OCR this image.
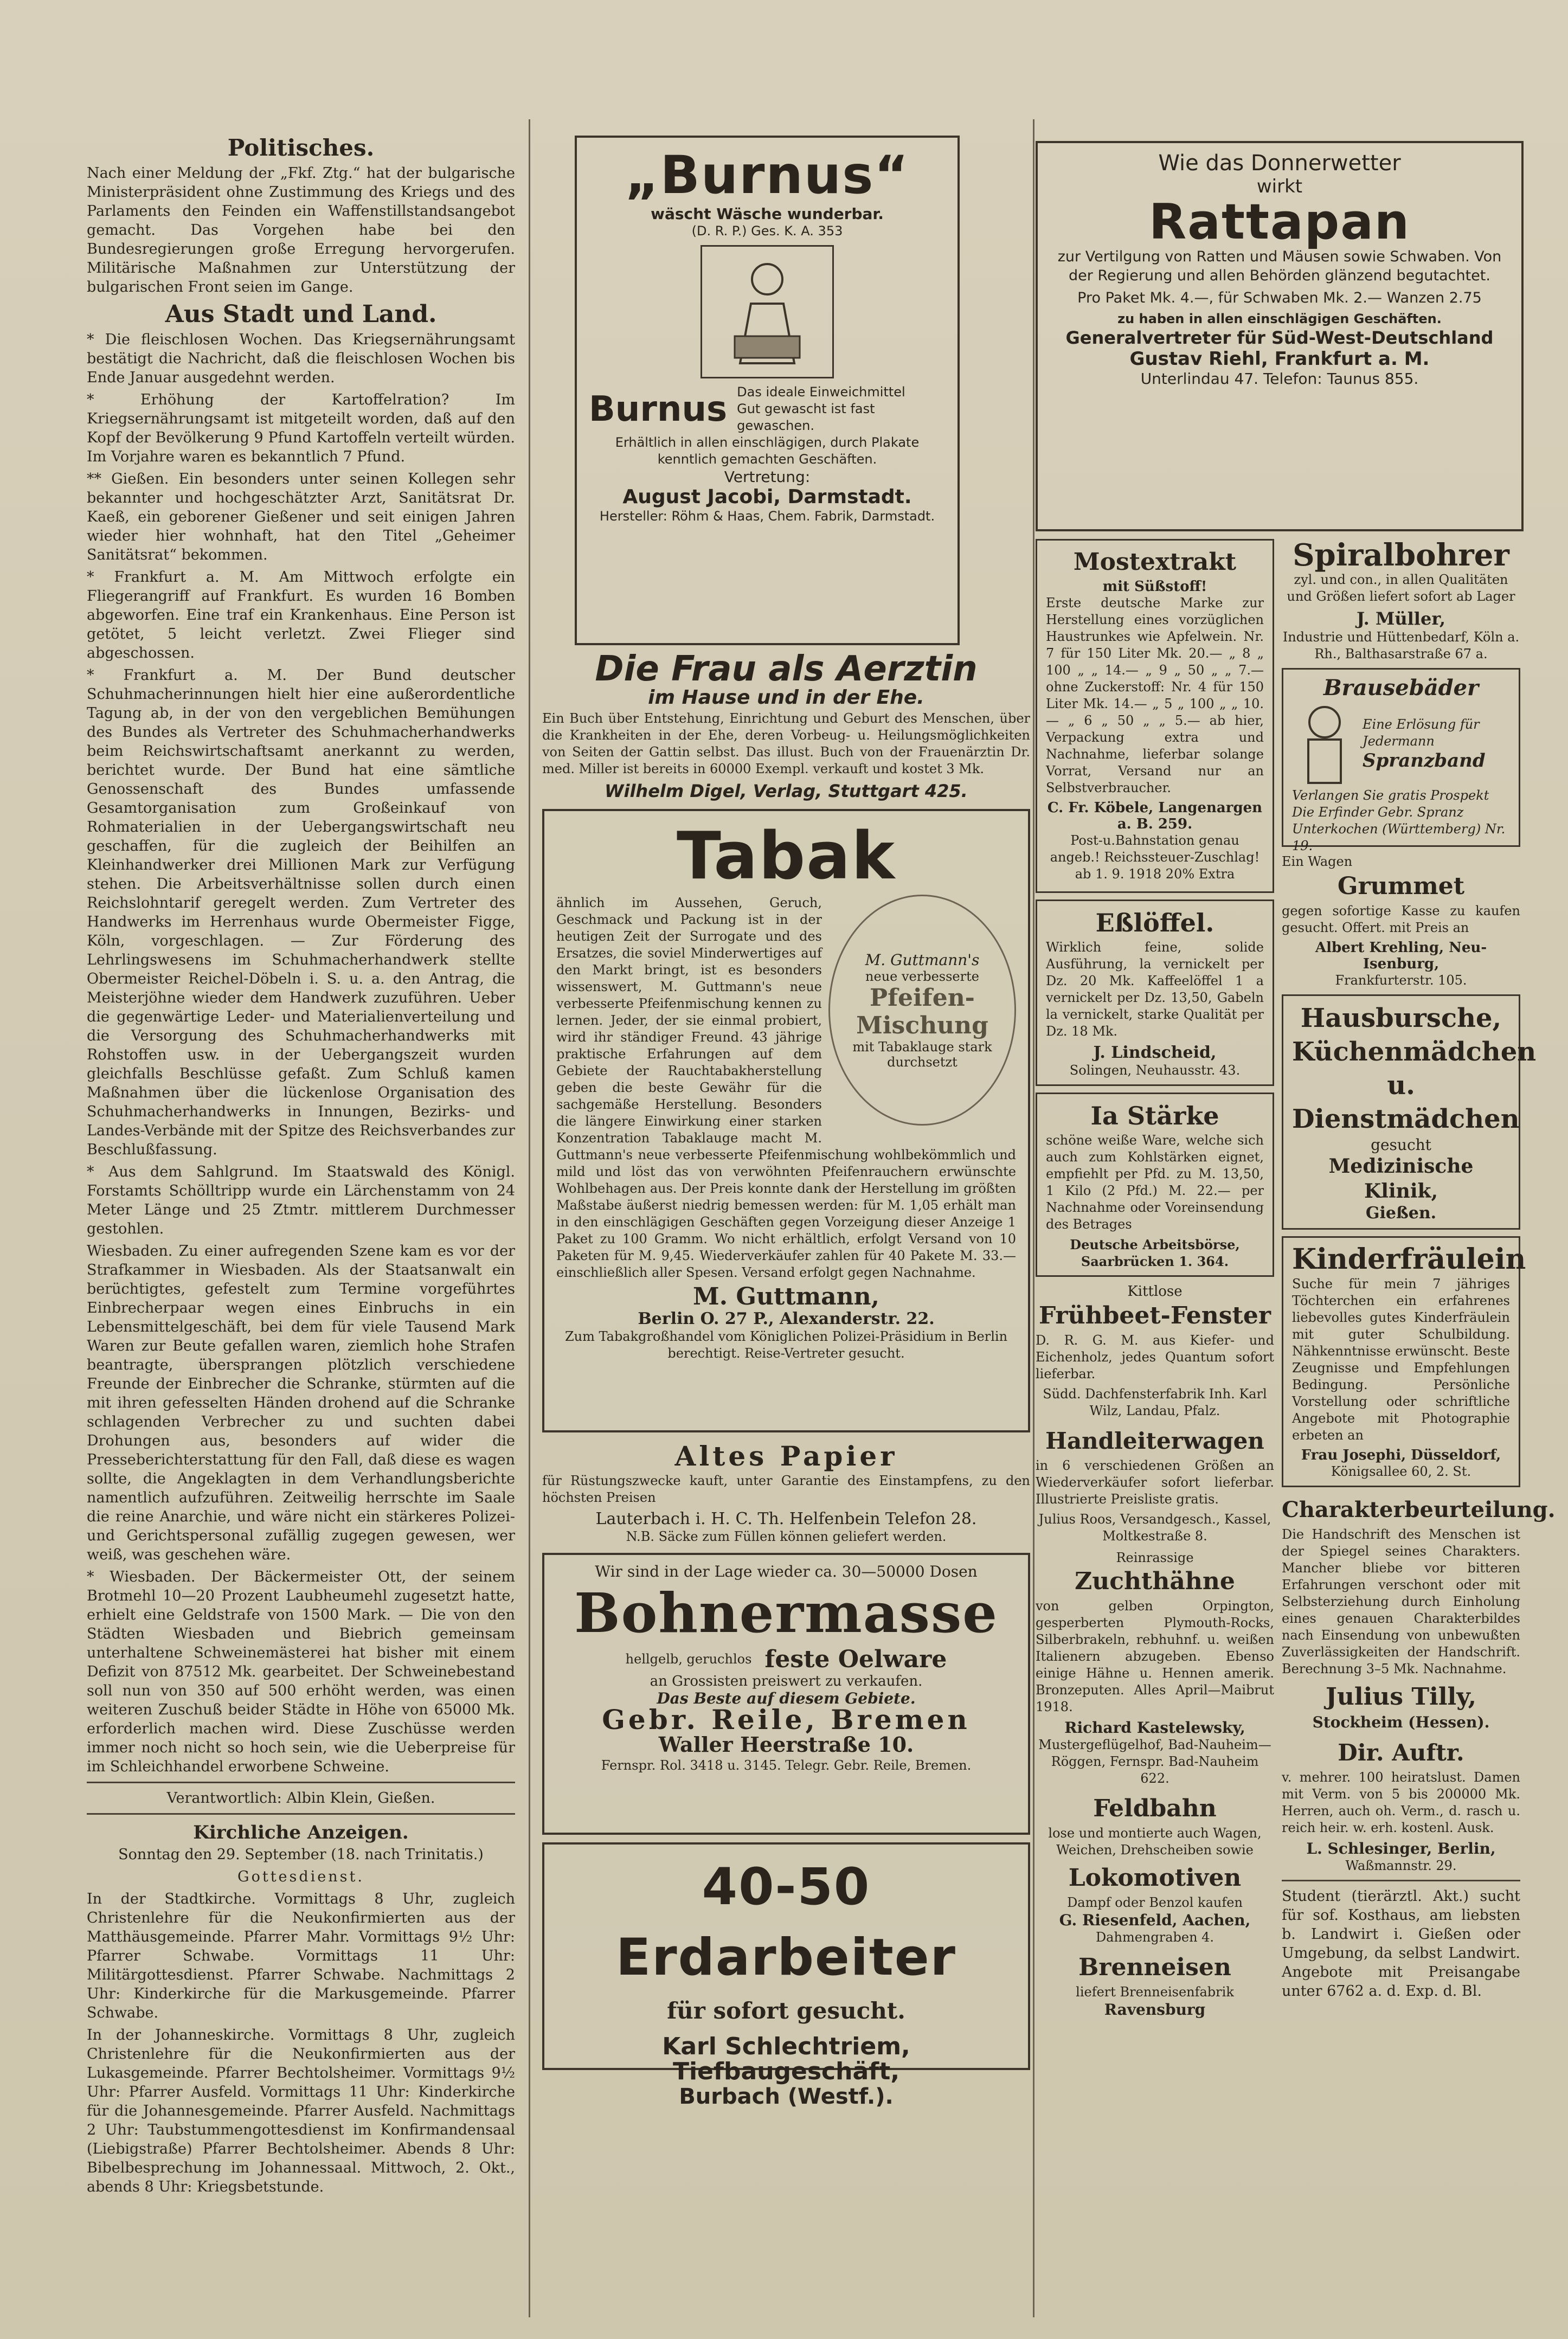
Politisches.

Nach einer Meldung der „Fkf. Ztg.“ hat der bulgarische Ministerpräsident ohne Zustimmung des Kriegs und des Parlaments den Feinden ein Waffenstillstandsangebot gemacht. Das Vorgehen habe bei den Bundesregierungen große Erregung hervorgerufen. Militärische Maßnahmen zur Unterstützung der bulgarischen Front seien im Gange.

Aus Stadt und Land.

* Die fleischlosen Wochen. Das Kriegsernährungsamt bestätigt die Nachricht, daß die fleischlosen Wochen bis Ende Januar ausgedehnt werden.

* Erhöhung der Kartoffelration? Im Kriegsernährungsamt ist mitgeteilt worden, daß auf den Kopf der Bevölkerung 9 Pfund Kartoffeln verteilt würden. Im Vorjahre waren es bekanntlich 7 Pfund.

** Gießen. Ein besonders unter seinen Kollegen sehr bekannter und hochgeschätzter Arzt, Sanitätsrat Dr. Kaeß, ein geborener Gießener und seit einigen Jahren wieder hier wohnhaft, hat den Titel „Geheimer Sanitätsrat“ bekommen.

* Frankfurt a. M. Am Mittwoch erfolgte ein Fliegerangriff auf Frankfurt. Es wurden 16 Bomben abgeworfen. Eine traf ein Krankenhaus. Eine Person ist getötet, 5 leicht verletzt. Zwei Flieger sind abgeschossen.

* Frankfurt a. M. Der Bund deutscher Schuhmacherinnungen hielt hier eine außerordentliche Tagung ab, in der von den vergeblichen Bemühungen des Bundes als Vertreter des Schuhmacherhandwerks beim Reichswirtschaftsamt anerkannt zu werden, berichtet wurde. Der Bund hat eine sämtliche Genossenschaft des Bundes umfassende Gesamtorganisation zum Großeinkauf von Rohmaterialien in der Uebergangswirtschaft neu geschaffen, für die zugleich der Beihilfen an Kleinhandwerker drei Millionen Mark zur Verfügung stehen. Die Arbeitsverhältnisse sollen durch einen Reichslohntarif geregelt werden. Zum Vertreter des Handwerks im Herrenhaus wurde Obermeister Figge, Köln, vorgeschlagen. — Zur Förderung des Lehrlingswesens im Schuhmacherhandwerk stellte Obermeister Reichel-Döbeln i. S. u. a. den Antrag, die Meisterjöhne wieder dem Handwerk zuzuführen. Ueber die gegenwärtige Leder- und Materialienverteilung und die Versorgung des Schuhmacherhandwerks mit Rohstoffen usw. in der Uebergangszeit wurden gleichfalls Beschlüsse gefaßt. Zum Schluß kamen Maßnahmen über die lückenlose Organisation des Schuhmacherhandwerks in Innungen, Bezirks- und Landes-Verbände mit der Spitze des Reichsverbandes zur Beschlußfassung.

* Aus dem Sahlgrund. Im Staatswald des Königl. Forstamts Schölltripp wurde ein Lärchenstamm von 24 Meter Länge und 25 Ztmtr. mittlerem Durchmesser gestohlen.

Wiesbaden. Zu einer aufregenden Szene kam es vor der Strafkammer in Wiesbaden. Als der Staatsanwalt ein berüchtigtes, gefestelt zum Termine vorgeführtes Einbrecherpaar wegen eines Einbruchs in ein Lebensmittelgeschäft, bei dem für viele Tausend Mark Waren zur Beute gefallen waren, ziemlich hohe Strafen beantragte, übersprangen plötzlich verschiedene Freunde der Einbrecher die Schranke, stürmten auf die mit ihren gefesselten Händen drohend auf die Schranke schlagenden Verbrecher zu und suchten dabei Drohungen aus, besonders auf wider die Presseberichterstattung für den Fall, daß diese es wagen sollte, die Angeklagten in dem Verhandlungsberichte namentlich aufzuführen. Zeitweilig herrschte im Saale die reine Anarchie, und wäre nicht ein stärkeres Polizei- und Gerichtspersonal zufällig zugegen gewesen, wer weiß, was geschehen wäre.

* Wiesbaden. Der Bäckermeister Ott, der seinem Brotmehl 10—20 Prozent Laubheumehl zugesetzt hatte, erhielt eine Geldstrafe von 1500 Mark. — Die von den Städten Wiesbaden und Biebrich gemeinsam unterhaltene Schweinemästerei hat bisher mit einem Defizit von 87512 Mk. gearbeitet. Der Schweinebestand soll nun von 350 auf 500 erhöht werden, was einen weiteren Zuschuß beider Städte in Höhe von 65000 Mk. erforderlich machen wird. Diese Zuschüsse werden immer noch nicht so hoch sein, wie die Ueberpreise für im Schleichhandel erworbene Schweine.

Verantwortlich: Albin Klein, Gießen.

Kirchliche Anzeigen.

Sonntag den 29. September (18. nach Trinitatis.)

Gottesdienst.

In der Stadtkirche. Vormittags 8 Uhr, zugleich Christenlehre für die Neukonfirmierten aus der Matthäusgemeinde. Pfarrer Mahr. Vormittags 9½ Uhr: Pfarrer Schwabe. Vormittags 11 Uhr: Militärgottesdienst. Pfarrer Schwabe. Nachmittags 2 Uhr: Kinderkirche für die Markusgemeinde. Pfarrer Schwabe.

In der Johanneskirche. Vormittags 8 Uhr, zugleich Christenlehre für die Neukonfirmierten aus der Lukasgemeinde. Pfarrer Bechtolsheimer. Vormittags 9½ Uhr: Pfarrer Ausfeld. Vormittags 11 Uhr: Kinderkirche für die Johannesgemeinde. Pfarrer Ausfeld. Nachmittags 2 Uhr: Taubstummengottesdienst im Konfirmandensaal (Liebigstraße) Pfarrer Bechtolsheimer. Abends 8 Uhr: Bibelbesprechung im Johannessaal. Mittwoch, 2. Okt., abends 8 Uhr: Kriegsbetstunde.

„Burnus“
wäscht Wäsche wunderbar.
(D. R. P.) Ges. K. A. 353
Burnus Das ideale Einweichmittel
Gut gewascht ist fast gewaschen.
Erhältlich in allen einschlägigen, durch Plakate kenntlich gemachten Geschäften.
Vertretung:
August Jacobi, Darmstadt.
Hersteller: Röhm & Haas, Chem. Fabrik, Darmstadt.
Die Frau als Aerztin
im Hause und in der Ehe.

Ein Buch über Entstehung, Einrichtung und Geburt des Menschen, über die Krankheiten in der Ehe, deren Vorbeug- u. Heilungsmöglichkeiten von Seiten der Gattin selbst. Das illust. Buch von der Frauenärztin Dr. med. Miller ist bereits in 60000 Exempl. verkauft und kostet 3 Mk.

Wilhelm Digel, Verlag, Stuttgart 425.
Tabak
M. Guttmann's
neue verbesserte
Pfeifen-Mischung
mit Tabaklauge stark durchsetzt

ähnlich im Aussehen, Geruch, Geschmack und Packung ist in der heutigen Zeit der Surrogate und des Ersatzes, die soviel Minderwertiges auf den Markt bringt, ist es besonders wissenswert, M. Guttmann's neue verbesserte Pfeifenmischung kennen zu lernen. Jeder, der sie einmal probiert, wird ihr ständiger Freund. 43 jährige praktische Erfahrungen auf dem Gebiete der Rauchtabakherstellung geben die beste Gewähr für die sachgemäße Herstellung. Besonders die längere Einwirkung einer starken Konzentration Tabaklauge macht M. Guttmann's neue verbesserte Pfeifenmischung wohlbekömmlich und mild und löst das von verwöhnten Pfeifenrauchern erwünschte Wohlbehagen aus. Der Preis konnte dank der Herstellung im größten Maßstabe äußerst niedrig bemessen werden: für M. 1,05 erhält man in den einschlägigen Geschäften gegen Vorzeigung dieser Anzeige 1 Paket zu 100 Gramm. Wo nicht erhältlich, erfolgt Versand von 10 Paketen für M. 9,45. Wiederverkäufer zahlen für 40 Pakete M. 33.— einschließlich aller Spesen. Versand erfolgt gegen Nachnahme.

M. Guttmann,
Berlin O. 27 P., Alexanderstr. 22.

Zum Tabakgroßhandel vom Königlichen Polizei-Präsidium in Berlin berechtigt. Reise-Vertreter gesucht.

Altes Papier

für Rüstungszwecke kauft, unter Garantie des Einstampfens, zu den höchsten Preisen

Lauterbach i. H. C. Th. Helfenbein Telefon 28.
N.B. Säcke zum Füllen können geliefert werden.
Wir sind in der Lage wieder ca. 30—50000 Dosen
Bohnermasse
hellgelb, geruchlos feste Oelware
an Grossisten preiswert zu verkaufen.
Das Beste auf diesem Gebiete.
Gebr. Reile, Bremen
Waller Heerstraße 10.
Fernspr. Rol. 3418 u. 3145. Telegr. Gebr. Reile, Bremen.
40-50 Erdarbeiter
für sofort gesucht.
Karl Schlechtriem, Tiefbaugeschäft,
Burbach (Westf.).
Wie das Donnerwetter
wirkt
Rattapan

zur Vertilgung von Ratten und Mäusen sowie Schwaben. Von der Regierung und allen Behörden glänzend begutachtet.

Pro Paket Mk. 4.—, für Schwaben Mk. 2.— Wanzen 2.75

zu haben in allen einschlägigen Geschäften.
Generalvertreter für Süd-West-Deutschland
Gustav Riehl, Frankfurt a. M.
Unterlindau 47. Telefon: Taunus 855.
Mostextrakt
mit Süßstoff!

Erste deutsche Marke zur Herstellung eines vorzüglichen Haustrunkes wie Apfelwein. Nr. 7 für 150 Liter Mk. 20.— „ 8 „ 100 „ „ 14.— „ 9 „ 50 „ „ 7.— ohne Zuckerstoff: Nr. 4 für 150 Liter Mk. 14.— „ 5 „ 100 „ „ 10.— „ 6 „ 50 „ „ 5.— ab hier, Verpackung extra und Nachnahme, lieferbar solange Vorrat, Versand nur an Selbstverbraucher.

C. Fr. Köbele, Langenargen a. B. 259.

Post-u.Bahnstation genau angeb.! Reichssteuer-Zuschlag! ab 1. 9. 1918 20% Extra

Eßlöffel.

Wirklich feine, solide Ausführung, la vernickelt per Dz. 20 Mk. Kaffeelöffel 1 a vernickelt per Dz. 13,50, Gabeln la vernickelt, starke Qualität per Dz. 18 Mk.

J. Lindscheid,
Solingen, Neuhausstr. 43.
Ia Stärke

schöne weiße Ware, welche sich auch zum Kohlstärken eignet, empfiehlt per Pfd. zu M. 13,50, 1 Kilo (2 Pfd.) M. 22.— per Nachnahme oder Voreinsendung des Betrages

Deutsche Arbeitsbörse, Saarbrücken 1. 364.
Kittlose
Frühbeet-Fenster

D. R. G. M. aus Kiefer- und Eichenholz, jedes Quantum sofort lieferbar.

Südd. Dachfensterfabrik Inh. Karl Wilz, Landau, Pfalz.
Handleiterwagen

in 6 verschiedenen Größen an Wiederverkäufer sofort lieferbar. Illustrierte Preisliste gratis.

Julius Roos, Versandgesch., Kassel, Moltkestraße 8.
Reinrassige
Zuchthähne

von gelben Orpington, gesperberten Plymouth-Rocks, Silberbrakeln, rebhuhnf. u. weißen Italienern abzugeben. Ebenso einige Hähne u. Hennen amerik. Bronzeputen. Alles April—Maibrut 1918.

Richard Kastelewsky,
Mustergeflügelhof, Bad-Nauheim—Röggen, Fernspr. Bad-Nauheim 622.
Feldbahn

lose und montierte auch Wagen, Weichen, Drehscheiben sowie

Lokomotiven
Dampf oder Benzol kaufen
G. Riesenfeld, Aachen,
Dahmengraben 4.
Brenneisen
liefert Brenneisenfabrik
Ravensburg
Spiralbohrer

zyl. und con., in allen Qualitäten und Größen liefert sofort ab Lager

J. Müller,
Industrie und Hüttenbedarf, Köln a. Rh., Balthasarstraße 67 a.
Brausebäder
Eine Erlösung für Jedermann
Spranzband
Verlangen Sie gratis Prospekt Die Erfinder Gebr. Spranz Unterkochen (Württemberg) Nr. 19.
Ein Wagen
Grummet

gegen sofortige Kasse zu kaufen gesucht. Offert. mit Preis an

Albert Krehling, Neu-Isenburg,
Frankfurterstr. 105.
Hausbursche, Küchenmädchen u. Dienstmädchen
gesucht
Medizinische Klinik,
Gießen.
Kinderfräulein

Suche für mein 7 jähriges Töchterchen ein erfahrenes liebevolles gutes Kinderfräulein mit guter Schulbildung. Nähkenntnisse erwünscht. Beste Zeugnisse und Empfehlungen Bedingung. Persönliche Vorstellung oder schriftliche Angebote mit Photographie erbeten an

Frau Josephi, Düsseldorf,
Königsallee 60, 2. St.
Charakterbeurteilung.

Die Handschrift des Menschen ist der Spiegel seines Charakters. Mancher bliebe vor bitteren Erfahrungen verschont oder mit Selbsterziehung durch Einholung eines genauen Charakterbildes nach Einsendung von unbewußten Zuverlässigkeiten der Handschrift. Berechnung 3–5 Mk. Nachnahme.

Julius Tilly,
Stockheim (Hessen).
Dir. Auftr.

v. mehrer. 100 heiratslust. Damen mit Verm. von 5 bis 200000 Mk. Herren, auch oh. Verm., d. rasch u. reich heir. w. erh. kostenl. Ausk.

L. Schlesinger, Berlin,
Waßmannstr. 29.

Student (tierärztl. Akt.) sucht für sof. Kosthaus, am liebsten b. Landwirt i. Gießen oder Umgebung, da selbst Landwirt. Angebote mit Preisangabe unter 6762 a. d. Exp. d. Bl.
